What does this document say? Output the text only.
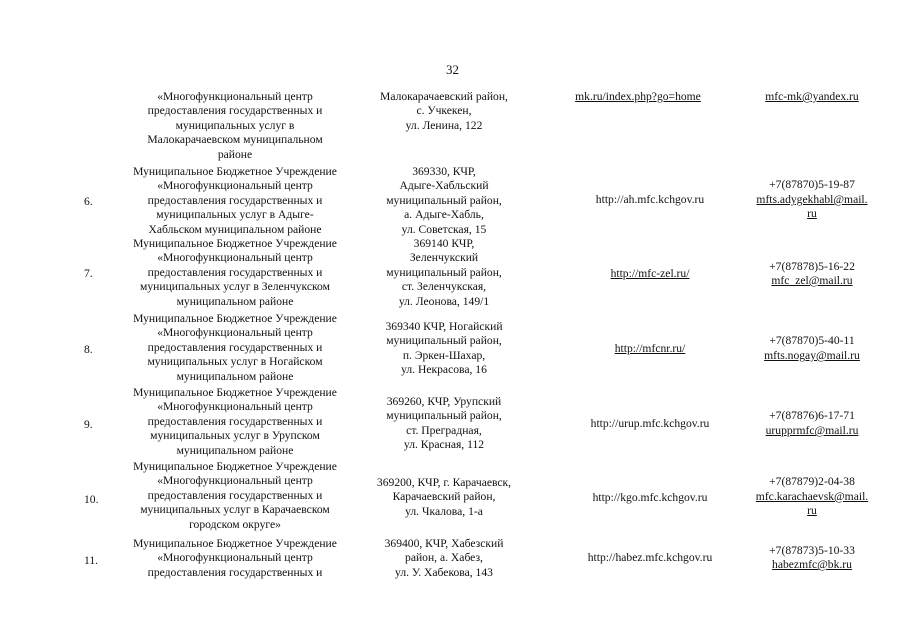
32
«Многофункциональный центр
предоставления государственных и
муниципальных услуг в
Малокарачаевском муниципальном
районе
Малокарачаевский район,
с. Учкекен,
ул. Ленина, 122
mk.ru/index.php?go=home	mfc-mk@yandex.ru
6.
Муниципальное Бюджетное Учреждение
«Многофункциональный центр
предоставления государственных и
муниципальных услуг в Адыге-
Хабльском муниципальном районе
369330, КЧР,
Адыге-Хабльский
муниципальный район,
а. Адыге-Хабль,
ул. Советская, 15
http://ah.mfc.kchgov.ru
+7(87870)5-19-87
mfts.adygekhabl@mail.
ru
7.
Муниципальное Бюджетное Учреждение
«Многофункциональный центр
предоставления государственных и
муниципальных услуг в Зеленчукском
муниципальном районе
369140 КЧР,
Зеленчукский
муниципальный район,
ст. Зеленчукская,
ул. Леонова, 149/1
http://mfc-zel.ru/
+7(87878)5-16-22
mfc_zel@mail.ru
8.
Муниципальное Бюджетное Учреждение
«Многофункциональный центр
предоставления государственных и
муниципальных услуг в Ногайском
муниципальном районе
369340 КЧР, Ногайский
муниципальный район,
п. Эркен-Шахар,
ул. Некрасова, 16
http://mfcnr.ru/
+7(87870)5-40-11
mfts.nogay@mail.ru
9.
Муниципальное Бюджетное Учреждение
«Многофункциональный центр
предоставления государственных и
муниципальных услуг в Урупском
муниципальном районе
369260, КЧР, Урупский
муниципальный район,
ст. Преградная,
ул. Красная, 112
http://urup.mfc.kchgov.ru
+7(87876)6-17-71
urupprmfc@mail.ru
10.
Муниципальное Бюджетное Учреждение
«Многофункциональный центр
предоставления государственных и
муниципальных услуг в Карачаевском
городском округе»
369200, КЧР, г. Карачаевск,
Карачаевский район,
ул. Чкалова, 1-а
http://kgo.mfc.kchgov.ru
+7(87879)2-04-38
mfc.karachaevsk@mail.
ru
11.
Муниципальное Бюджетное Учреждение
«Многофункциональный центр
предоставления государственных и
369400, КЧР, Хабезский
район, а. Хабез,
ул. У. Хабекова, 143
http://habez.mfc.kchgov.ru
+7(87873)5-10-33
habezmfc@bk.ru
